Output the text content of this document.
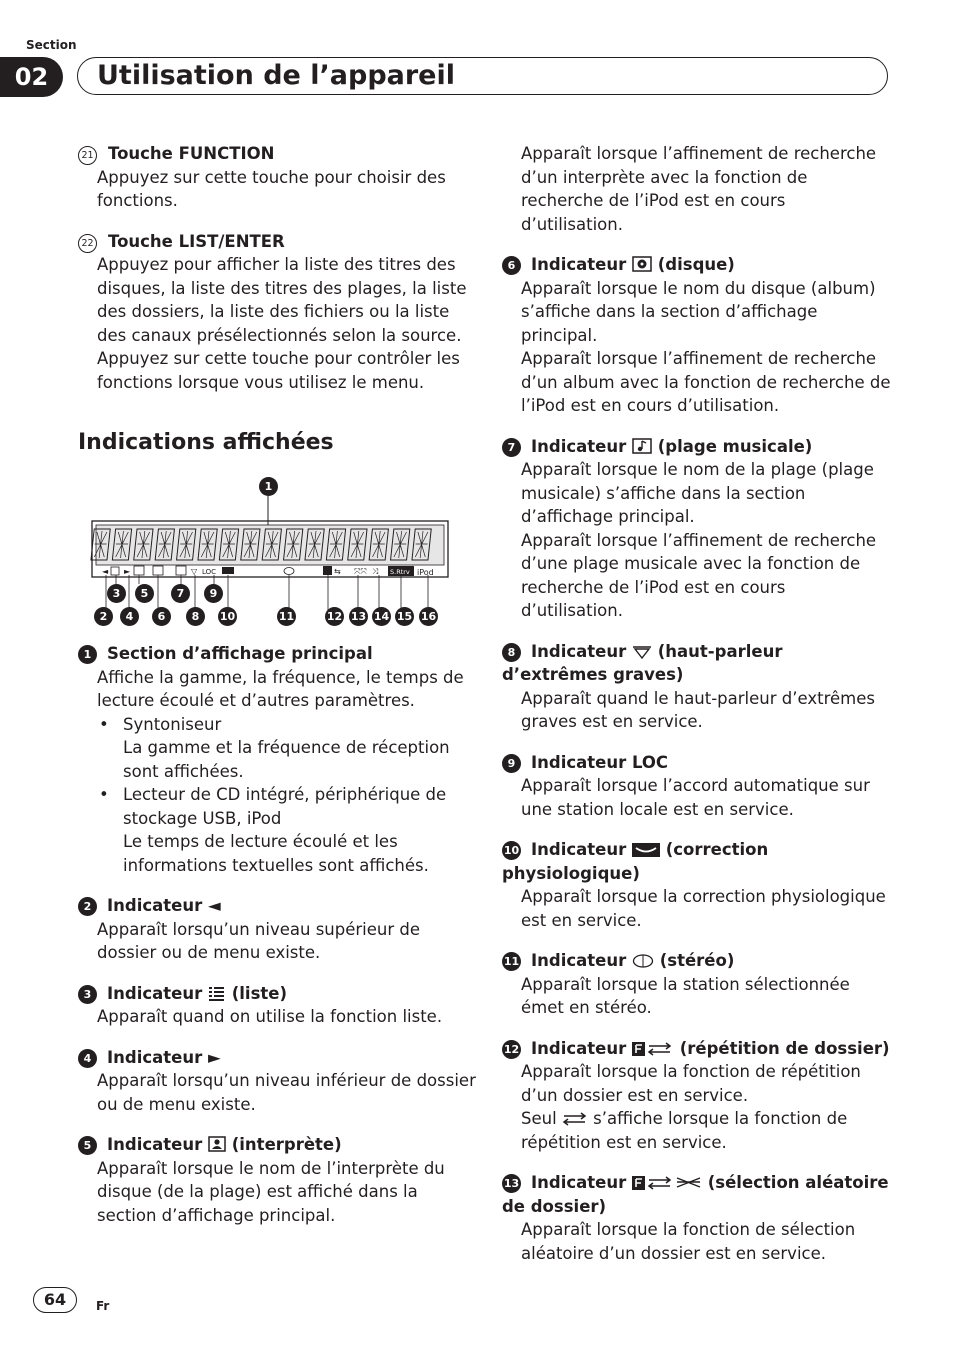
Section
02	Utilisation de l’appareil
21 Touche FUNCTION
Appuyez sur cette touche pour choisir des fonctions.
22 Touche LIST/ENTER
Appuyez pour afficher la liste des titres des disques, la liste des titres des plages, la liste des dossiers, la liste des fichiers ou la liste des canaux présélectionnés selon la source. Appuyez sur cette touche pour contrôler les fonctions lorsque vous utilisez le menu.
Indications affichées
◄ ►	▽ LOC	⇆ ⤧⤧ ⤨ S.Rtrv iPod
1
3	5	7	9
2	4	6	8	10	11	12 13 14 15 16
1 Section d’affichage principal
Affiche la gamme, la fréquence, le temps de lecture écoulé et d’autres paramètres.
• Syntoniseur
La gamme et la fréquence de réception sont affichées.
• Lecteur de CD intégré, périphérique de stockage USB, iPod
Le temps de lecture écoulé et les informations textuelles sont affichés.
2 Indicateur ◄
Apparaît lorsqu’un niveau supérieur de dossier ou de menu existe.
3 Indicateur (liste)
Apparaît quand on utilise la fonction liste.
4 Indicateur ►
Apparaît lorsqu’un niveau inférieur de dossier ou de menu existe.
5 Indicateur (interprète)
Apparaît lorsque le nom de l’interprète du disque (de la plage) est affiché dans la section d’affichage principal.
Apparaît lorsque l’affinement de recherche d’un interprète avec la fonction de recherche de l’iPod est en cours d’utilisation.
6 Indicateur (disque)
Apparaît lorsque le nom du disque (album) s’affiche dans la section d’affichage principal.
Apparaît lorsque l’affinement de recherche d’un album avec la fonction de recherche de l’iPod est en cours d’utilisation.
7 Indicateur (plage musicale)
Apparaît lorsque le nom de la plage (plage musicale) s’affiche dans la section d’affichage principal.
Apparaît lorsque l’affinement de recherche d’une plage musicale avec la fonction de recherche de l’iPod est en cours d’utilisation.
8 Indicateur (haut-parleur d’extrêmes graves)
Apparaît quand le haut-parleur d’extrêmes graves est en service.
9 Indicateur LOC
Apparaît lorsque l’accord automatique sur une station locale est en service.
10 Indicateur (correction physiologique)
Apparaît lorsque la correction physiologique est en service.
11 Indicateur (stéréo)
Apparaît lorsque la station sélectionnée émet en stéréo.
12 Indicateur	(répétition de dossier)
Apparaît lorsque la fonction de répétition d’un dossier est en service.
Seul s’affiche lorsque la fonction de répétition est en service.
13 Indicateur	(sélection aléatoire de dossier)
Apparaît lorsque la fonction de sélection aléatoire d’un dossier est en service.
64	Fr
